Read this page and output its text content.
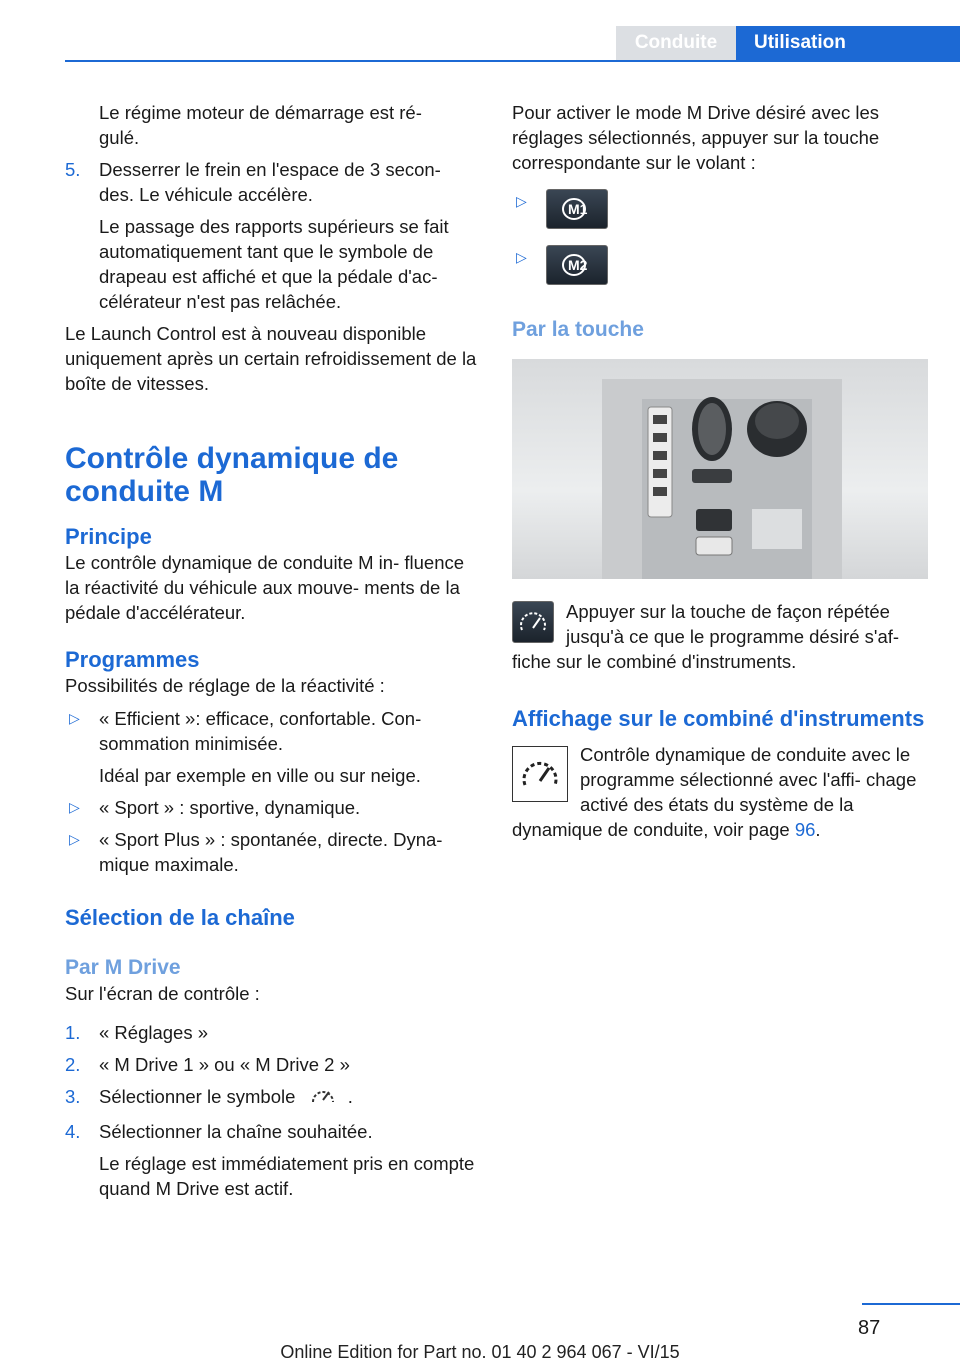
Conduite	Utilisation

Le régime moteur de démarrage est ré‐
gulé.

5. Desserrer le frein en l'espace de 3 secon‐ des. Le véhicule accélère.

Le passage des rapports supérieurs se fait automatiquement tant que le symbole de drapeau est affiché et que la pédale d'ac‐ célérateur n'est pas relâchée.

Le Launch Control est à nouveau disponible uniquement après un certain refroidissement de la boîte de vitesses.

Contrôle dynamique de conduite M
Principe

Le contrôle dynamique de conduite M in‐ fluence la réactivité du véhicule aux mouve‐ ments de la pédale d'accélérateur.

Programmes

Possibilités de réglage de la réactivité :

▷ « Efficient »: efficace, confortable. Con‐ sommation minimisée.

Idéal par exemple en ville ou sur neige.

▷ « Sport » : sportive, dynamique.

▷ « Sport Plus » : spontanée, directe. Dyna‐ mique maximale.

Sélection de la chaîne
Par M Drive

Sur l'écran de contrôle :

1. « Réglages »

2. « M Drive 1 » ou « M Drive 2 »

3. Sélectionner le symbole	.

4. Sélectionner la chaîne souhaitée.

Le réglage est immédiatement pris en compte quand M Drive est actif.

Pour activer le mode M Drive désiré avec les réglages sélectionnés, appuyer sur la touche correspondante sur le volant :

▷	M1
▷	M2
Par la touche

Appuyer sur la touche de façon répétée jusqu'à ce que le programme désiré s'af‐ fiche sur le combiné d'instruments.

Affichage sur le combiné d'instruments

Contrôle dynamique de conduite avec le programme sélectionné avec l'affi‐ chage activé des états du système de la dynamique de conduite, voir page 96.

87
Online Edition for Part no. 01 40 2 964 067 - VI/15
